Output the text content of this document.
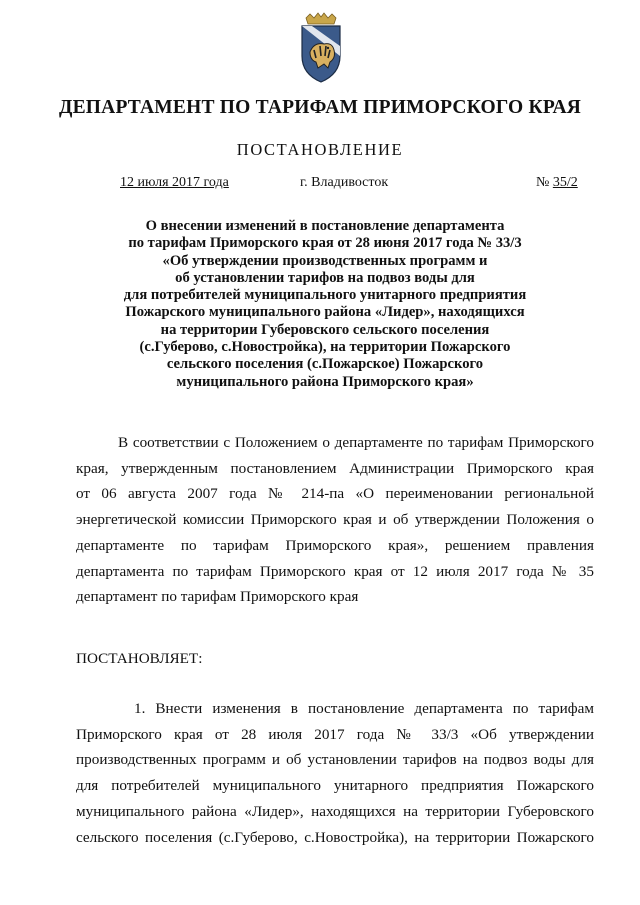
ДЕПАРТАМЕНТ ПО ТАРИФАМ ПРИМОРСКОГО КРАЯ
ПОСТАНОВЛЕНИЕ
12 июля 2017 года	г. Владивосток	№ 35/2
О внесении изменений в постановление департамента
по тарифам Приморского края от 28 июня 2017 года № 33/3
«Об утверждении производственных программ и
об установлении тарифов на подвоз воды для
для потребителей муниципального унитарного предприятия
Пожарского муниципального района «Лидер», находящихся
на территории Губеровского сельского поселения
(с.Губерово, с.Новостройка), на территории Пожарского
сельского поселения (с.Пожарское) Пожарского
муниципального района Приморского края»
В соответствии с Положением о департаменте по тарифам Приморского
края, утвержденным постановлением Администрации Приморского края
от 06 августа 2007 года № 214-па «О переименовании региональной
энергетической комиссии Приморского края и об утверждении Положения о
департаменте по тарифам Приморского края», решением правления
департамента по тарифам Приморского края от 12 июля 2017 года № 35
департамент по тарифам Приморского края
ПОСТАНОВЛЯЕТ:
1. Внести изменения в постановление департамента по тарифам
Приморского края от 28 июля 2017 года № 33/3 «Об утверждении
производственных программ и об установлении тарифов на подвоз воды для
для потребителей муниципального унитарного предприятия Пожарского
муниципального района «Лидер», находящихся на территории Губеровского
сельского поселения (с.Губерово, с.Новостройка), на территории Пожарского
